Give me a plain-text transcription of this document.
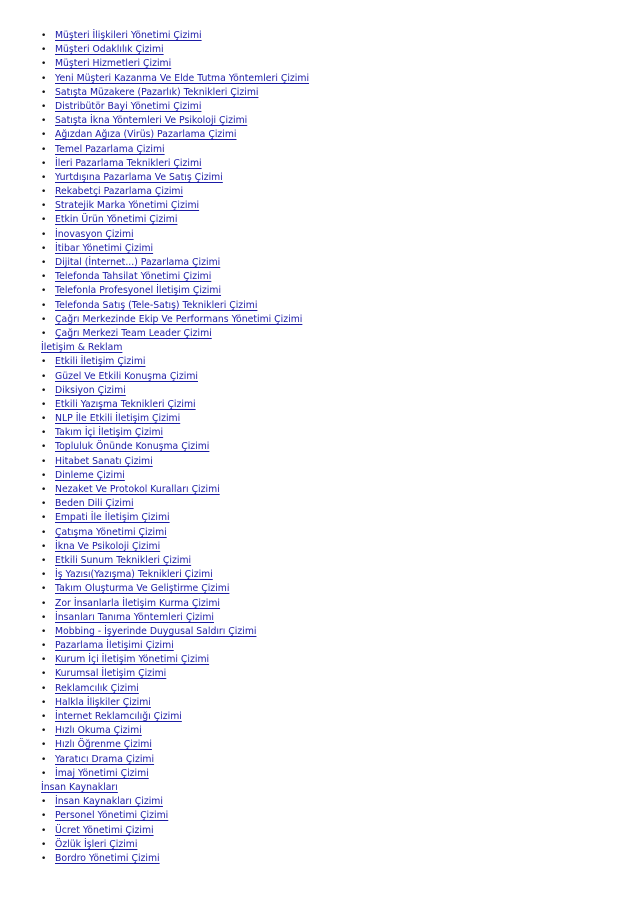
• Müşteri İlişkileri Yönetimi Çizimi
• Müşteri Odaklılık Çizimi
• Müşteri Hizmetleri Çizimi
• Yeni Müşteri Kazanma Ve Elde Tutma Yöntemleri Çizimi
• Satışta Müzakere (Pazarlık) Teknikleri Çizimi
• Distribütör Bayi Yönetimi Çizimi
• Satışta İkna Yöntemleri Ve Psikoloji Çizimi
• Ağızdan Ağıza (Virüs) Pazarlama Çizimi
• Temel Pazarlama Çizimi
• İleri Pazarlama Teknikleri Çizimi
• Yurtdışına Pazarlama Ve Satış Çizimi
• Rekabetçi Pazarlama Çizimi
• Stratejik Marka Yönetimi Çizimi
• Etkin Ürün Yönetimi Çizimi
• İnovasyon Çizimi
• İtibar Yönetimi Çizimi
• Dijital (İnternet...) Pazarlama Çizimi
• Telefonda Tahsilat Yönetimi Çizimi
• Telefonla Profesyonel İletişim Çizimi
• Telefonda Satış (Tele-Satış) Teknikleri Çizimi
• Çağrı Merkezinde Ekip Ve Performans Yönetimi Çizimi
• Çağrı Merkezi Team Leader Çizimi
İletişim & Reklam
• Etkili İletişim Çizimi
• Güzel Ve Etkili Konuşma Çizimi
• Diksiyon Çizimi
• Etkili Yazışma Teknikleri Çizimi
• NLP İle Etkili İletişim Çizimi
• Takım İçi İletişim Çizimi
• Topluluk Önünde Konuşma Çizimi
• Hitabet Sanatı Çizimi
• Dinleme Çizimi
• Nezaket Ve Protokol Kuralları Çizimi
• Beden Dili Çizimi
• Empati İle İletişim Çizimi
• Çatışma Yönetimi Çizimi
• İkna Ve Psikoloji Çizimi
• Etkili Sunum Teknikleri Çizimi
• İş Yazısı(Yazışma) Teknikleri Çizimi
• Takım Oluşturma Ve Geliştirme Çizimi
• Zor İnsanlarla İletişim Kurma Çizimi
• İnsanları Tanıma Yöntemleri Çizimi
• Mobbing - İşyerinde Duygusal Saldırı Çizimi
• Pazarlama İletişimi Çizimi
• Kurum İçi İletişim Yönetimi Çizimi
• Kurumsal İletişim Çizimi
• Reklamcılık Çizimi
• Halkla İlişkiler Çizimi
• İnternet Reklamcılığı Çizimi
• Hızlı Okuma Çizimi
• Hızlı Öğrenme Çizimi
• Yaratıcı Drama Çizimi
• İmaj Yönetimi Çizimi
İnsan Kaynakları
• İnsan Kaynakları Çizimi
• Personel Yönetimi Çizimi
• Ücret Yönetimi Çizimi
• Özlük İşleri Çizimi
• Bordro Yönetimi Çizimi
